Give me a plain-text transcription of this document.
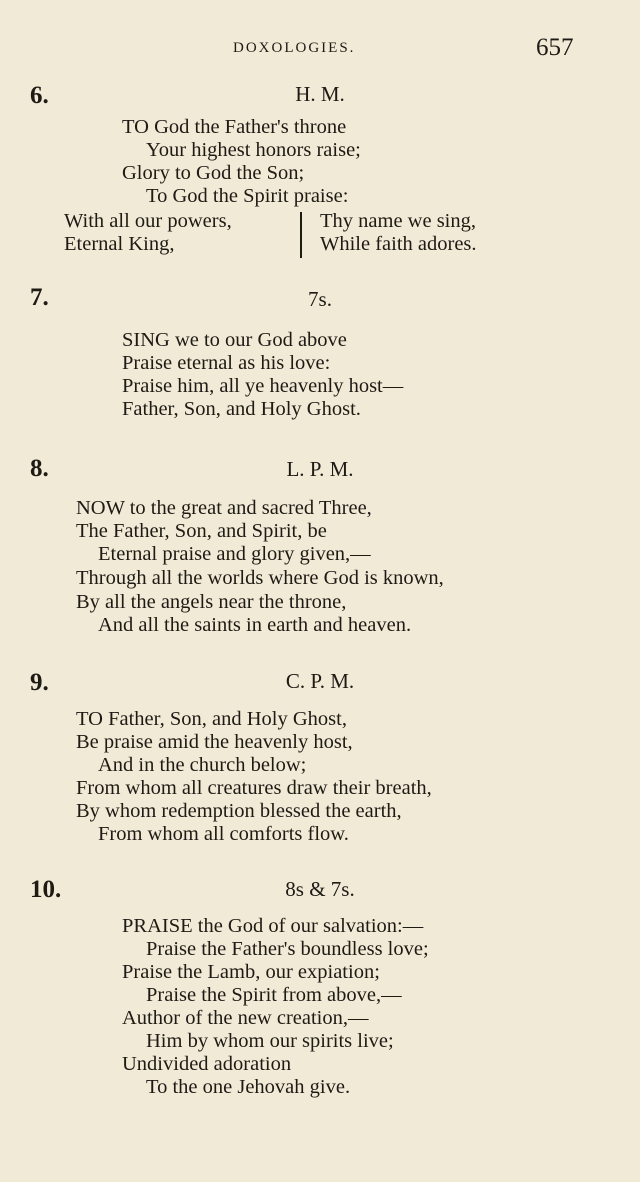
DOXOLOGIES.	657
6.	H. M.
TO God the Father's throne
Your highest honors raise;
Glory to God the Son;
To God the Spirit praise:
With all our powers,	Thy name we sing,
Eternal King,	While faith adores.
7.	7s.
SING we to our God above
Praise eternal as his love:
Praise him, all ye heavenly host—
Father, Son, and Holy Ghost.
8.	L. P. M.
NOW to the great and sacred Three,
The Father, Son, and Spirit, be
Eternal praise and glory given,—
Through all the worlds where God is known,
By all the angels near the throne,
And all the saints in earth and heaven.
9.	C. P. M.
TO Father, Son, and Holy Ghost,
Be praise amid the heavenly host,
And in the church below;
From whom all creatures draw their breath,
By whom redemption blessed the earth,
From whom all comforts flow.
10.	8s & 7s.
PRAISE the God of our salvation:—
Praise the Father's boundless love;
Praise the Lamb, our expiation;
Praise the Spirit from above,—
Author of the new creation,—
Him by whom our spirits live;
Undivided adoration
To the one Jehovah give.
